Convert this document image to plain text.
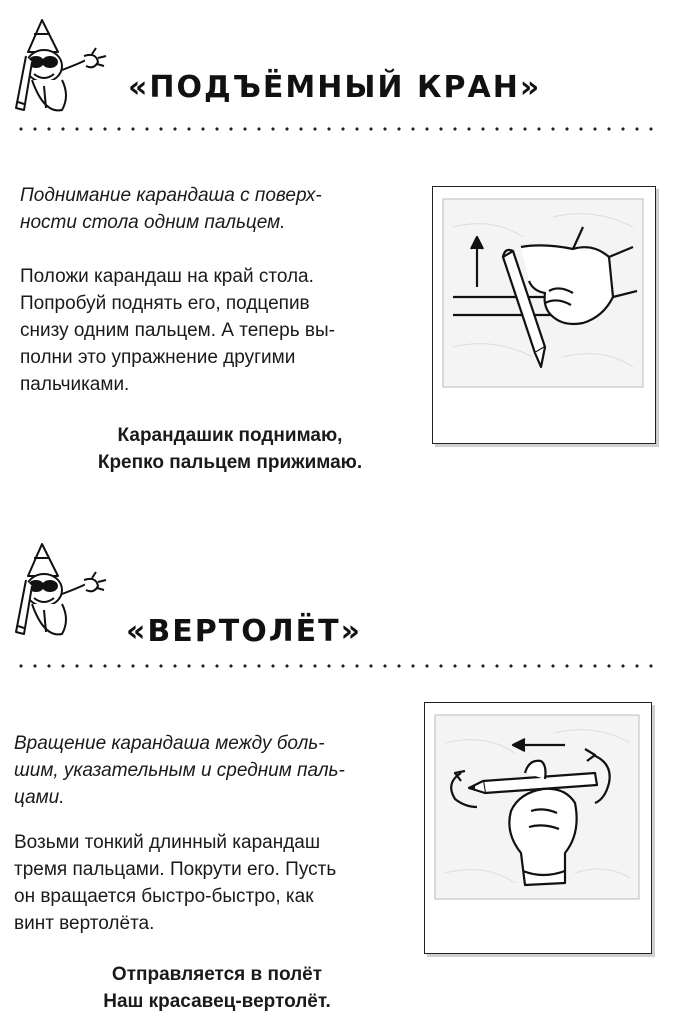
«ПОДЪЁМНЫЙ КРАН»

Поднимание карандаша с поверх-
ности стола одним пальцем.

Положи карандаш на край стола.
Попробуй поднять его, подцепив
снизу одним пальцем. А теперь вы-
полни это упражнение другими
пальчиками.

Карандашик поднимаю,
Крепко пальцем прижимаю.

«ВЕРТОЛЁТ»

Вращение карандаша между боль-
шим, указательным и средним паль-
цами.

Возьми тонкий длинный карандаш
тремя пальцами. Покрути его. Пусть
он вращается быстро-быстро, как
винт вертолёта.

Отправляется в полёт
Наш красавец-вертолёт.
